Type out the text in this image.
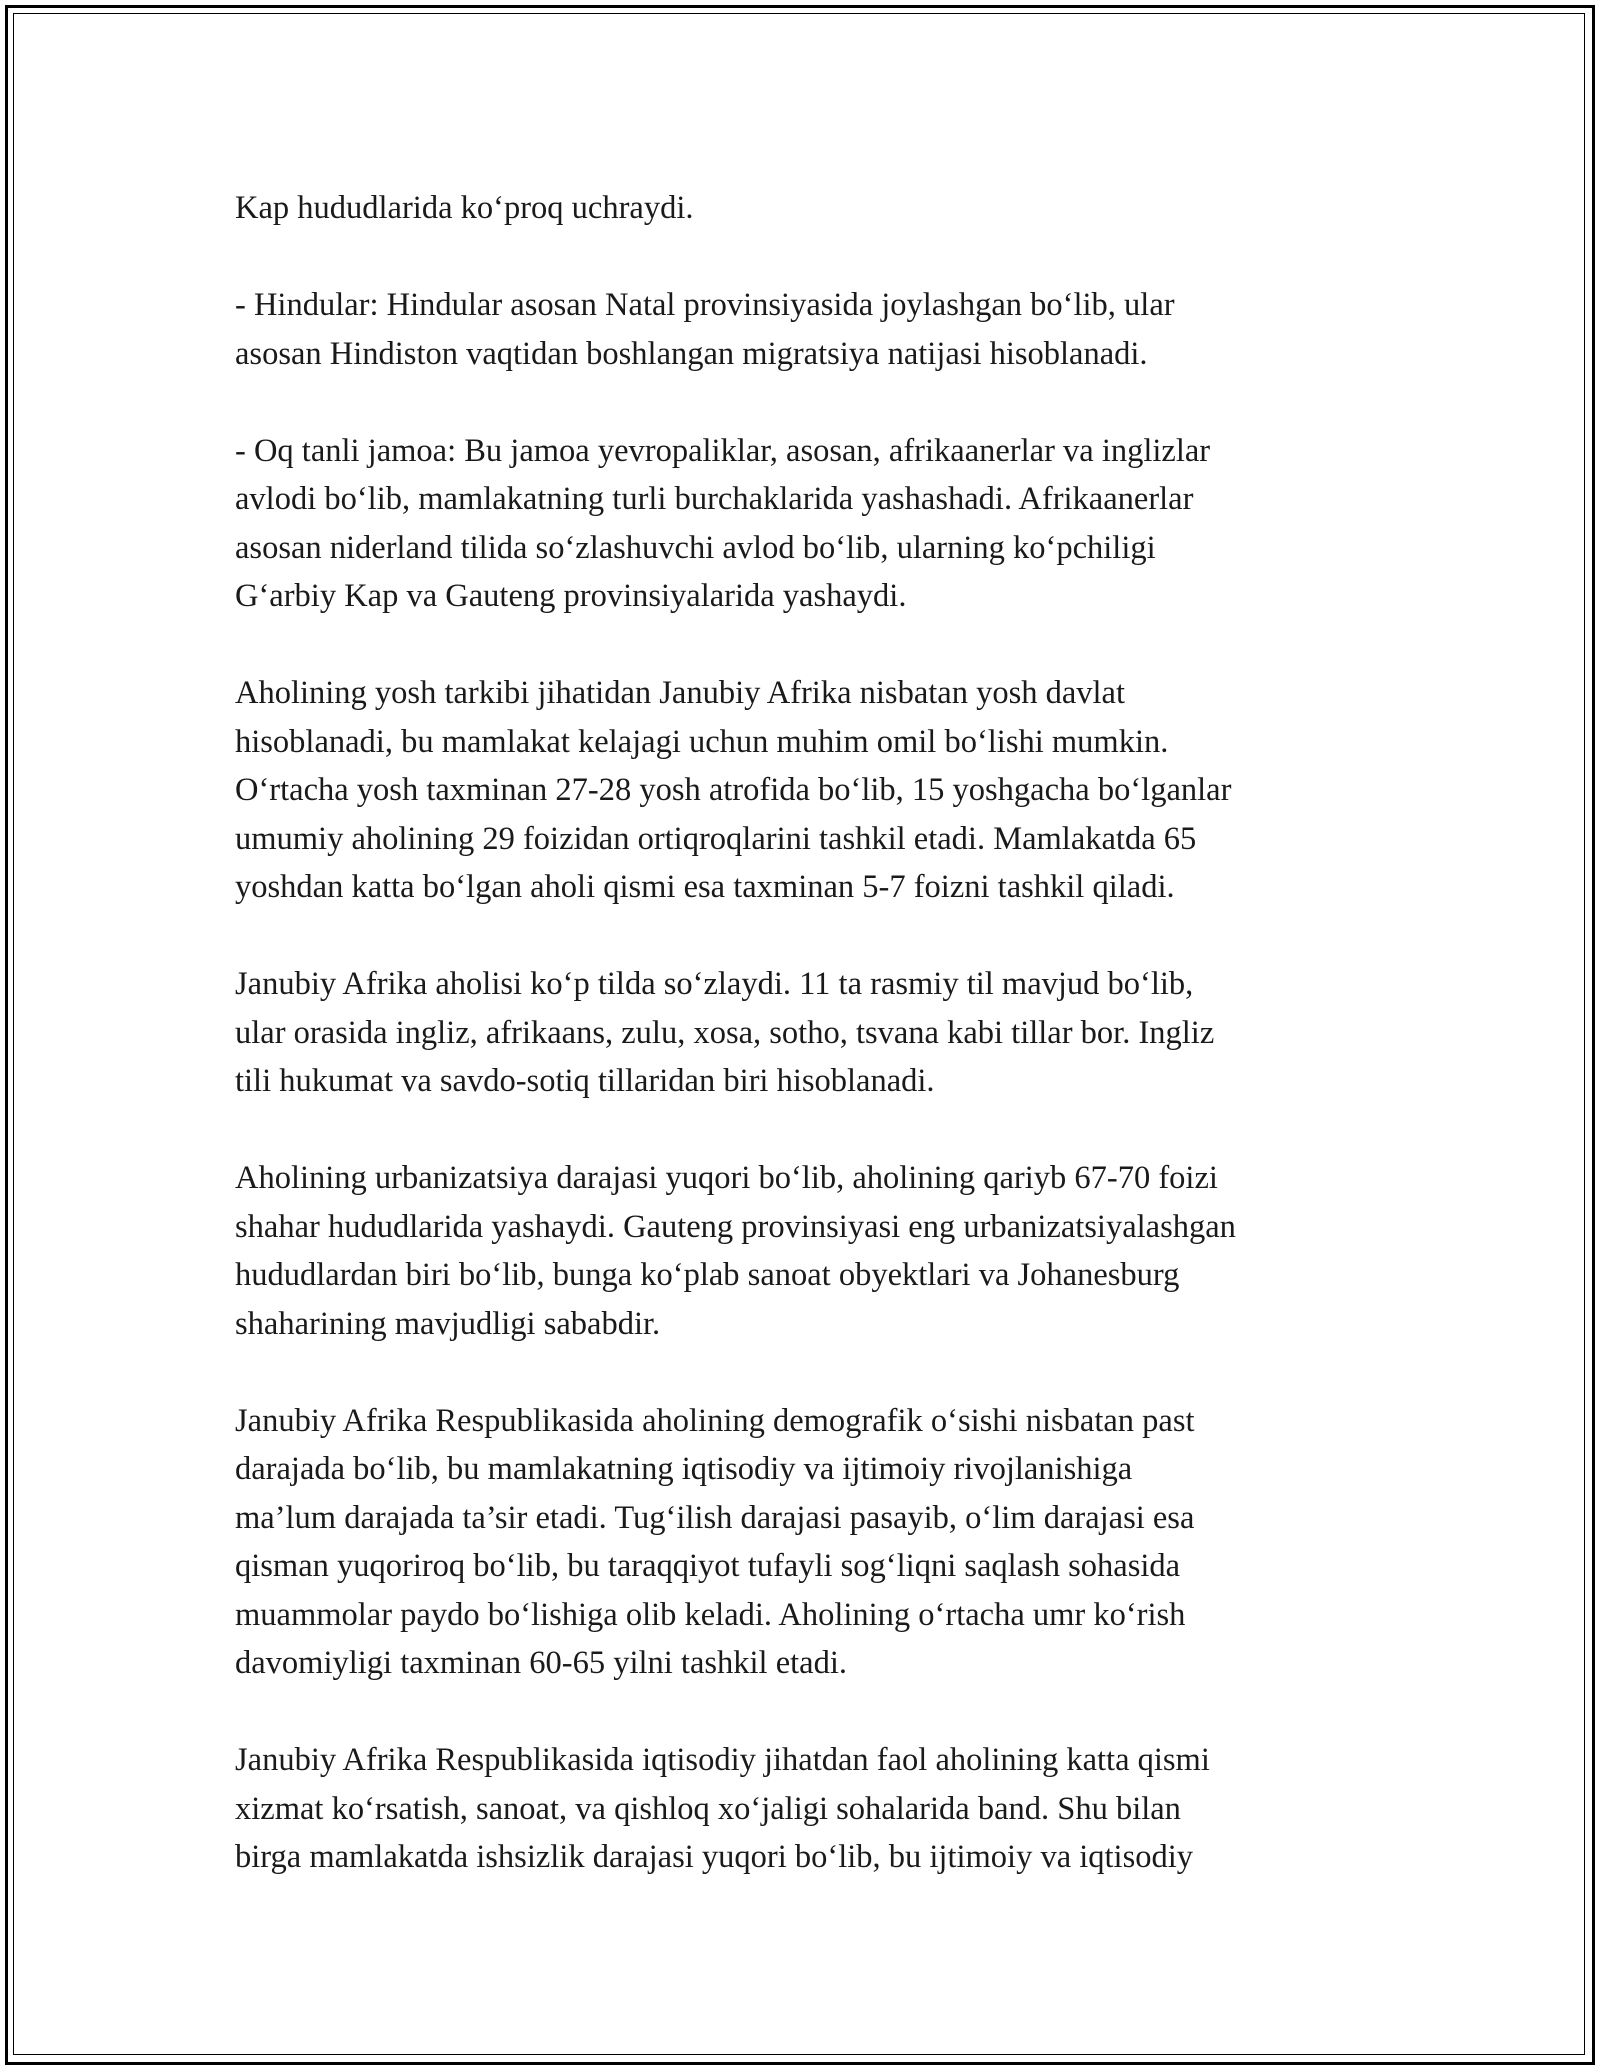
Kap hududlarida ko‘proq uchraydi.

- Hindular: Hindular asosan Natal provinsiyasida joylashgan bo‘lib, ular
asosan Hindiston vaqtidan boshlangan migratsiya natijasi hisoblanadi.

- Oq tanli jamoa: Bu jamoa yevropaliklar, asosan, afrikaanerlar va inglizlar
avlodi bo‘lib, mamlakatning turli burchaklarida yashashadi. Afrikaanerlar
asosan niderland tilida so‘zlashuvchi avlod bo‘lib, ularning ko‘pchiligi
G‘arbiy Kap va Gauteng provinsiyalarida yashaydi.

Aholining yosh tarkibi jihatidan Janubiy Afrika nisbatan yosh davlat
hisoblanadi, bu mamlakat kelajagi uchun muhim omil bo‘lishi mumkin.
O‘rtacha yosh taxminan 27-28 yosh atrofida bo‘lib, 15 yoshgacha bo‘lganlar
umumiy aholining 29 foizidan ortiqroqlarini tashkil etadi. Mamlakatda 65
yoshdan katta bo‘lgan aholi qismi esa taxminan 5-7 foizni tashkil qiladi.

Janubiy Afrika aholisi ko‘p tilda so‘zlaydi. 11 ta rasmiy til mavjud bo‘lib,
ular orasida ingliz, afrikaans, zulu, xosa, sotho, tsvana kabi tillar bor. Ingliz
tili hukumat va savdo-sotiq tillaridan biri hisoblanadi.

Aholining urbanizatsiya darajasi yuqori bo‘lib, aholining qariyb 67-70 foizi
shahar hududlarida yashaydi. Gauteng provinsiyasi eng urbanizatsiyalashgan
hududlardan biri bo‘lib, bunga ko‘plab sanoat obyektlari va Johanesburg
shaharining mavjudligi sababdir.

Janubiy Afrika Respublikasida aholining demografik o‘sishi nisbatan past
darajada bo‘lib, bu mamlakatning iqtisodiy va ijtimoiy rivojlanishiga
ma’lum darajada ta’sir etadi. Tug‘ilish darajasi pasayib, o‘lim darajasi esa
qisman yuqoriroq bo‘lib, bu taraqqiyot tufayli sog‘liqni saqlash sohasida
muammolar paydo bo‘lishiga olib keladi. Aholining o‘rtacha umr ko‘rish
davomiyligi taxminan 60-65 yilni tashkil etadi.

Janubiy Afrika Respublikasida iqtisodiy jihatdan faol aholining katta qismi
xizmat ko‘rsatish, sanoat, va qishloq xo‘jaligi sohalarida band. Shu bilan
birga mamlakatda ishsizlik darajasi yuqori bo‘lib, bu ijtimoiy va iqtisodiy
